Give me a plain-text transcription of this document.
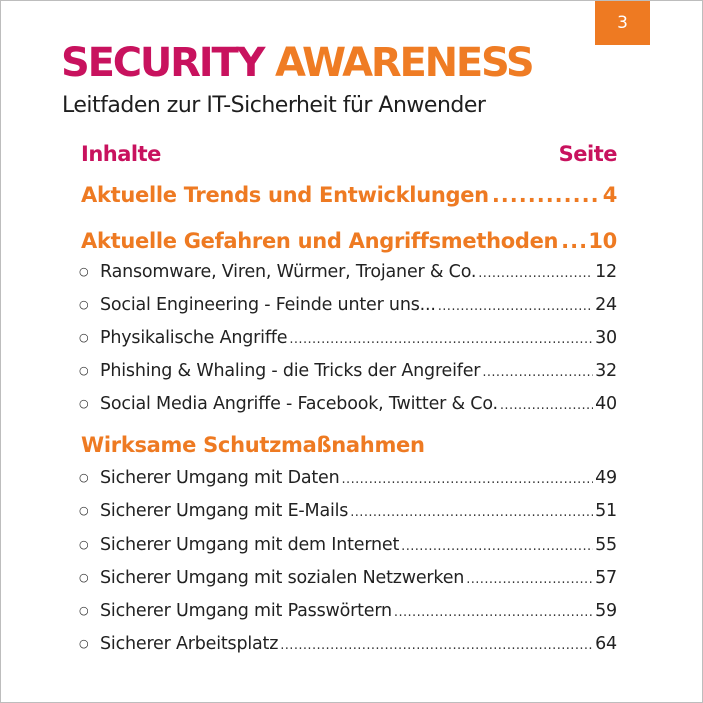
3
SECURITY AWARENESS
Leitfaden zur IT-Sicherheit für Anwender
Inhalte	Seite
Aktuelle Trends und Entwicklungen .....	4
Aktuelle Gefahren und Angriffsmethoden ..... 10
○ Ransomware, Viren, Würmer, Trojaner & Co. .....	12
○ Social Engineering - Feinde unter uns... .....	24
○ Physikalische Angriffe .....	30
○ Phishing & Whaling - die Tricks der Angreifer .....	32
○ Social Media Angriffe - Facebook, Twitter & Co. .....	40
Wirksame Schutzmaßnahmen
○ Sicherer Umgang mit Daten .....	49
○ Sicherer Umgang mit E-Mails .....	51
○ Sicherer Umgang mit dem Internet .....	55
○ Sicherer Umgang mit sozialen Netzwerken .....	57
○ Sicherer Umgang mit Passwörtern .....	59
○ Sicherer Arbeitsplatz .....	64
